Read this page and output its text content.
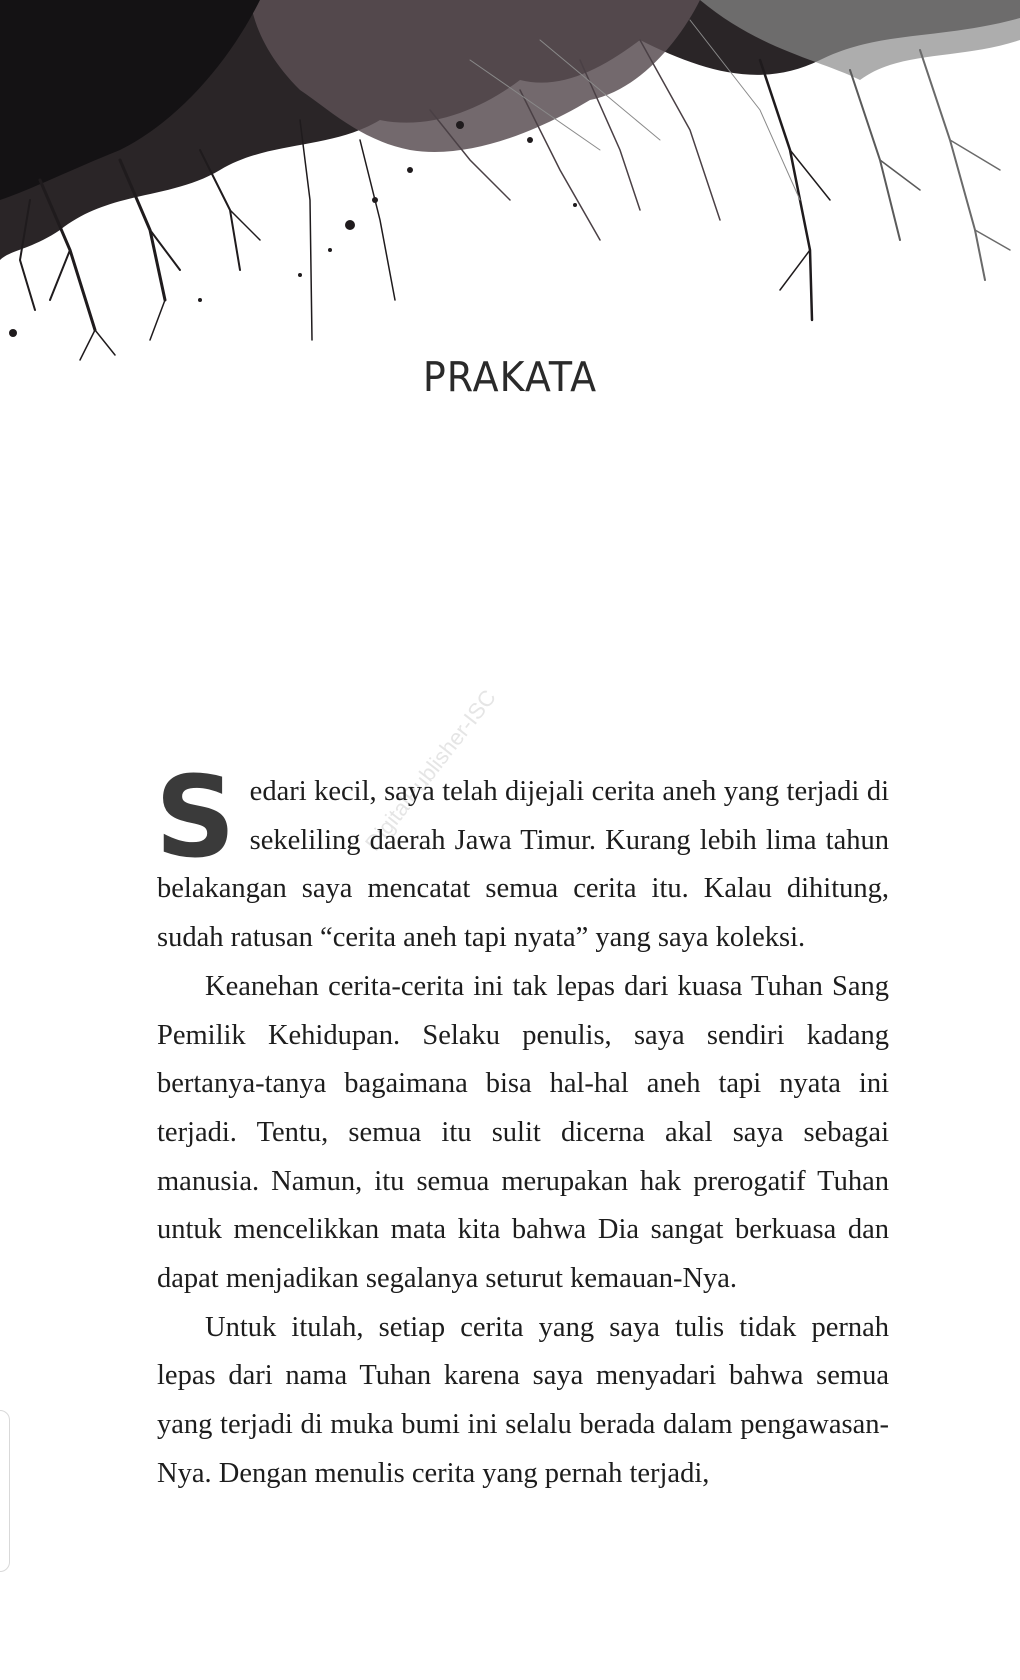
PRAKATA
DigitalPublisher-ISC

Sedari kecil, saya telah dijejali cerita aneh yang terjadi di sekeliling daerah Jawa Timur. Kurang lebih lima tahun belakangan saya mencatat semua cerita itu. Kalau dihitung, sudah ratusan “cerita aneh tapi nyata” yang saya koleksi.

Keanehan cerita-cerita ini tak lepas dari kuasa Tuhan Sang Pemilik Kehidupan. Selaku penulis, saya sendiri kadang bertanya-tanya bagaimana bisa hal-hal aneh tapi nyata ini terjadi. Tentu, semua itu sulit dicerna akal saya sebagai manusia. Namun, itu semua merupakan hak prerogatif Tuhan untuk mencelikkan mata kita bahwa Dia sangat berkuasa dan dapat menjadikan segalanya seturut kemauan-Nya.

Untuk itulah, setiap cerita yang saya tulis tidak pernah lepas dari nama Tuhan karena saya menyadari bahwa semua yang terjadi di muka bumi ini selalu berada dalam pengawasan-Nya. Dengan menulis cerita yang pernah terjadi,
